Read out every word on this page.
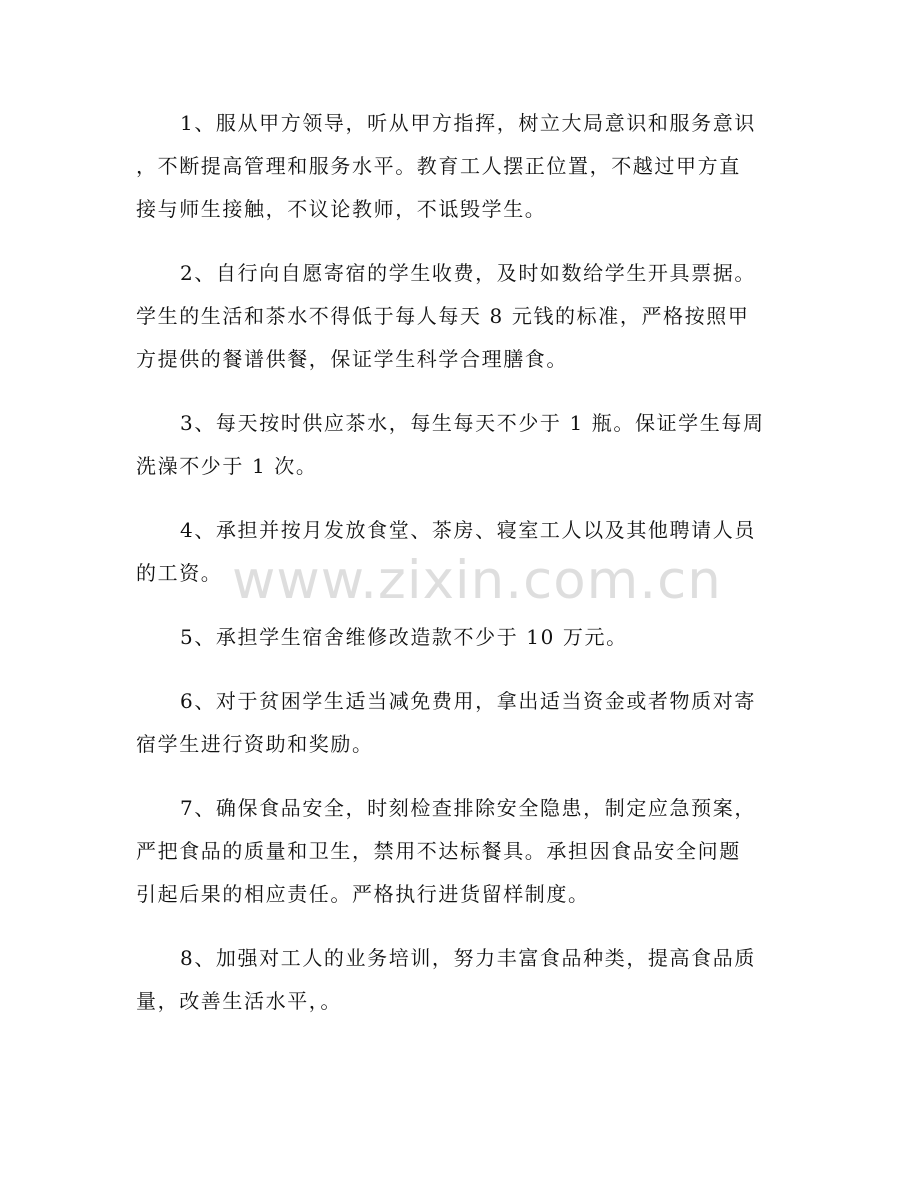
1、服从甲方领导，听从甲方指挥，树立大局意识和服务意识
，不断提高管理和服务水平。教育工人摆正位置，不越过甲方直
接与师生接触，不议论教师，不诋毁学生。

2、自行向自愿寄宿的学生收费，及时如数给学生开具票据。
学生的生活和茶水不得低于每人每天 8 元钱的标准，严格按照甲
方提供的餐谱供餐，保证学生科学合理膳食。

3、每天按时供应茶水，每生每天不少于 1 瓶。保证学生每周
洗澡不少于 1 次。

4、承担并按月发放食堂、茶房、寝室工人以及其他聘请人员
的工资。

5、承担学生宿舍维修改造款不少于 10 万元。

6、对于贫困学生适当减免费用，拿出适当资金或者物质对寄
宿学生进行资助和奖励。

7、确保食品安全，时刻检查排除安全隐患，制定应急预案，
严把食品的质量和卫生，禁用不达标餐具。承担因食品安全问题
引起后果的相应责任。严格执行进货留样制度。

8、加强对工人的业务培训，努力丰富食品种类，提高食品质
量，改善生活水平，。

www.zixin.com.cn
